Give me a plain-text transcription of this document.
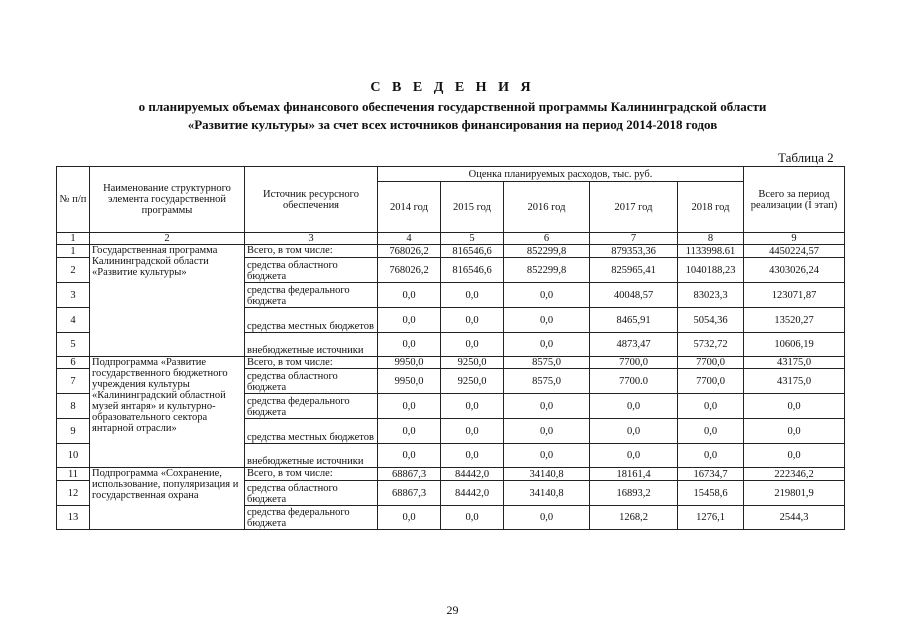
С В Е Д Е Н И Я
о планируемых объемах финансового обеспечения государственной программы Калининградской области
«Развитие культуры» за счет всех источников финансирования на период 2014-2018 годов
Таблица 2
№ п/п	Наименование структурного элемента государственной программы	Источник ресурсного обеспечения	Оценка планируемых расходов, тыс. руб.					Всего за период реализации (I этап)
			2014 год	2015 год	2016 год	2017 год	2018 год	
1	2	3	4	5	6	7	8	9
1	Государственная программа Калининградской области «Развитие культуры»	Всего, в том числе:	768026,2	816546,6	852299,8	879353,36	1133998.61	4450224,57
2		средства областного бюджета	768026,2	816546,6	852299,8	825965,41	1040188,23	4303026,24
3		средства федерального бюджета	0,0	0,0	0,0	40048,57	83023,3	123071,87
4		средства местных бюджетов	0,0	0,0	0,0	8465,91	5054,36	13520,27
5		внебюджетные источники	0,0	0,0	0,0	4873,47	5732,72	10606,19
6	Подпрограмма «Развитие государственного бюджетного учреждения культуры «Калининградский областной музей янтаря» и культурно-образовательного сектора янтарной отрасли»	Всего, в том числе:	9950,0	9250,0	8575,0	7700,0	7700,0	43175,0
7		средства областного бюджета	9950,0	9250,0	8575,0	7700.0	7700,0	43175,0
8		средства федерального бюджета	0,0	0,0	0,0	0,0	0,0	0,0
9		средства местных бюджетов	0,0	0,0	0,0	0,0	0,0	0,0
10		внебюджетные источники	0,0	0,0	0,0	0,0	0,0	0,0
11	Подпрограмма «Сохранение, использование, популяризация и государственная охрана	Всего, в том числе:	68867,3	84442,0	34140,8	18161,4	16734,7	222346,2
12		средства областного бюджета	68867,3	84442,0	34140,8	16893,2	15458,6	219801,9
13		средства федерального бюджета	0,0	0,0	0,0	1268,2	1276,1	2544,3
29
